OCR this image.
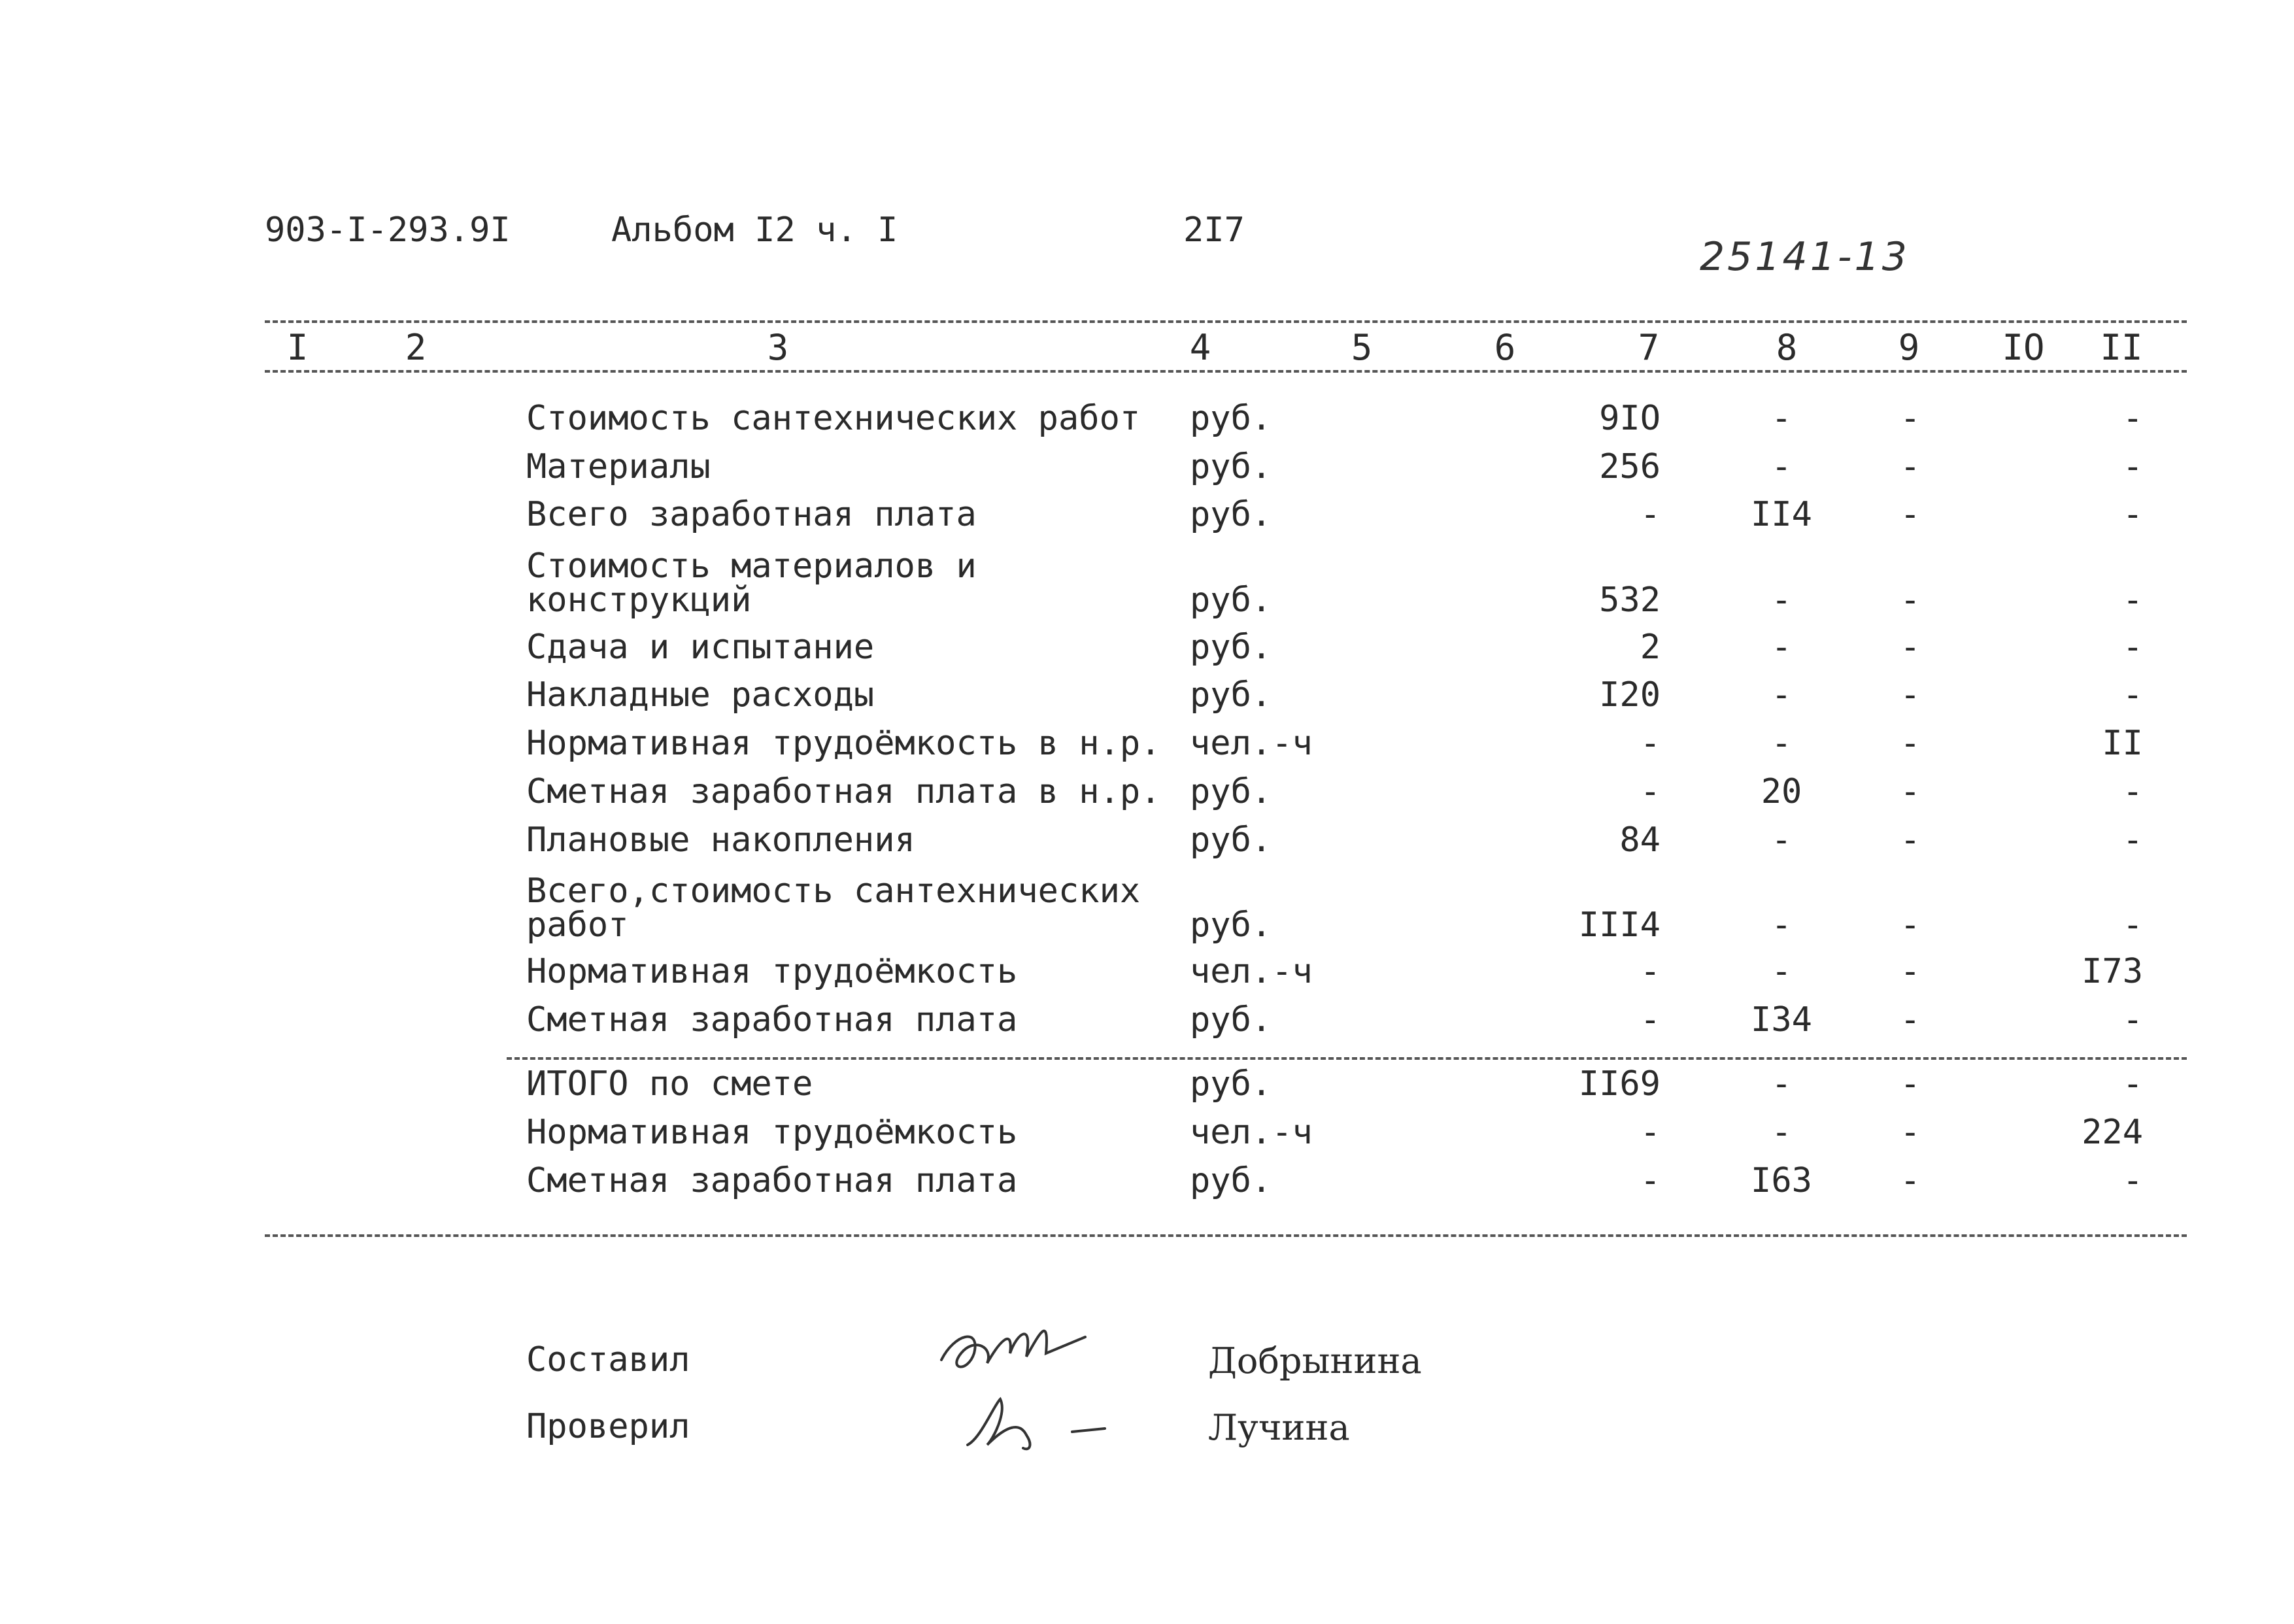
903-I-293.9I	Альбом I2 ч. I	2I7
25141-13
I	2	3	4	5	6	7	8	9 IO II
Стоимость сантехнических работ руб.	9IO	-	-	-
Материалы	руб.	256	-	-	-
Всего заработная плата	руб.	-	II4	-	-
Стоимость материалов и
конструкций	руб.	532	-	-	-
Сдача и испытание	руб.	2	-	-	-
Накладные расходы	руб.	I20	-	-	-
Нормативная трудоёмкость в н.р. чел.-ч	-	-	-	II
Сметная заработная плата в н.р. руб.	-	20	-	-
Плановые накопления	руб.	84	-	-	-
Всего,стоимость сантехнических
работ	руб.	III4	-	-	-
Нормативная трудоёмкость	чел.-ч	-	-	-	I73
Сметная заработная плата	руб.	-	I34	-	-
ИТОГО по смете	руб.	II69	-	-	-
Нормативная трудоёмкость	чел.-ч	-	-	-	224
Сметная заработная плата	руб.	-	I63	-	-
Составил	Добрынина
Проверил	Лучина
